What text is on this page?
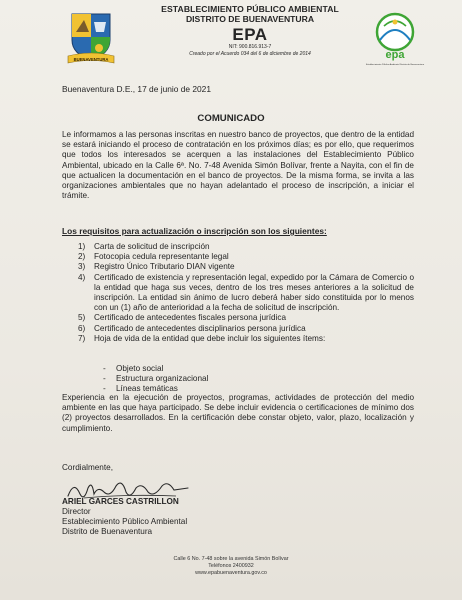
BUENAVENTURA
ESTABLECIMIENTO PÚBLICO AMBIENTAL
DISTRITO DE BUENAVENTURA
EPA
NIT: 900.816.913-7
Creado por el Acuerdo 034 del 6 de diciembre de 2014	epa
Establecimiento Público Ambiental Distrito de Buenaventura
Buenaventura D.E., 17 de junio de 2021
COMUNICADO
Le informamos a las personas inscritas en nuestro banco de proyectos, que dentro de la entidad se estará iniciando el proceso de contratación en los próximos días; es por ello, que requerimos que todos los interesados se acerquen a las instalaciones del Establecimiento Público Ambiental, ubicado en la Calle 6ª. No. 7-48 Avenida Simón Bolívar, frente a Nayita, con el fin de que actualicen la documentación en el banco de proyectos. De la misma forma, se invita a las organizaciones ambientales que no hayan adelantado el proceso de inscripción, a iniciar el trámite.
Los requisitos para actualización o inscripción son los siguientes:
1) Carta de solicitud de inscripción
2) Fotocopia cedula representante legal
3) Registro Único Tributario DIAN vigente
4) Certificado de existencia y representación legal, expedido por la Cámara de Comercio o la entidad que haga sus veces, dentro de los tres meses anteriores a la solicitud de inscripción. La entidad sin ánimo de lucro deberá haber sido constituida por lo menos con un (1) año de anterioridad a la fecha de solicitud de inscripción.
5) Certificado de antecedentes fiscales persona jurídica
6) Certificado de antecedentes disciplinarios persona jurídica
7) Hoja de vida de la entidad que debe incluir los siguientes ítems:
- Objeto social
- Estructura organizacional
- Líneas temáticas
Experiencia en la ejecución de proyectos, programas, actividades de protección del medio ambiente en las que haya participado. Se debe incluir evidencia o certificaciones de mínimo dos (2) proyectos desarrollados. En la certificación debe constar objeto, valor, plazo, localización y cumplimiento.
Cordialmente,
ARIEL GARCES CASTRILLON
Director
Establecimiento Público Ambiental
Distrito de Buenaventura
Calle 6 No. 7-48 sobre la avenida Simón Bolívar
Teléfonos 2400932
www.epabuenaventura.gov.co
